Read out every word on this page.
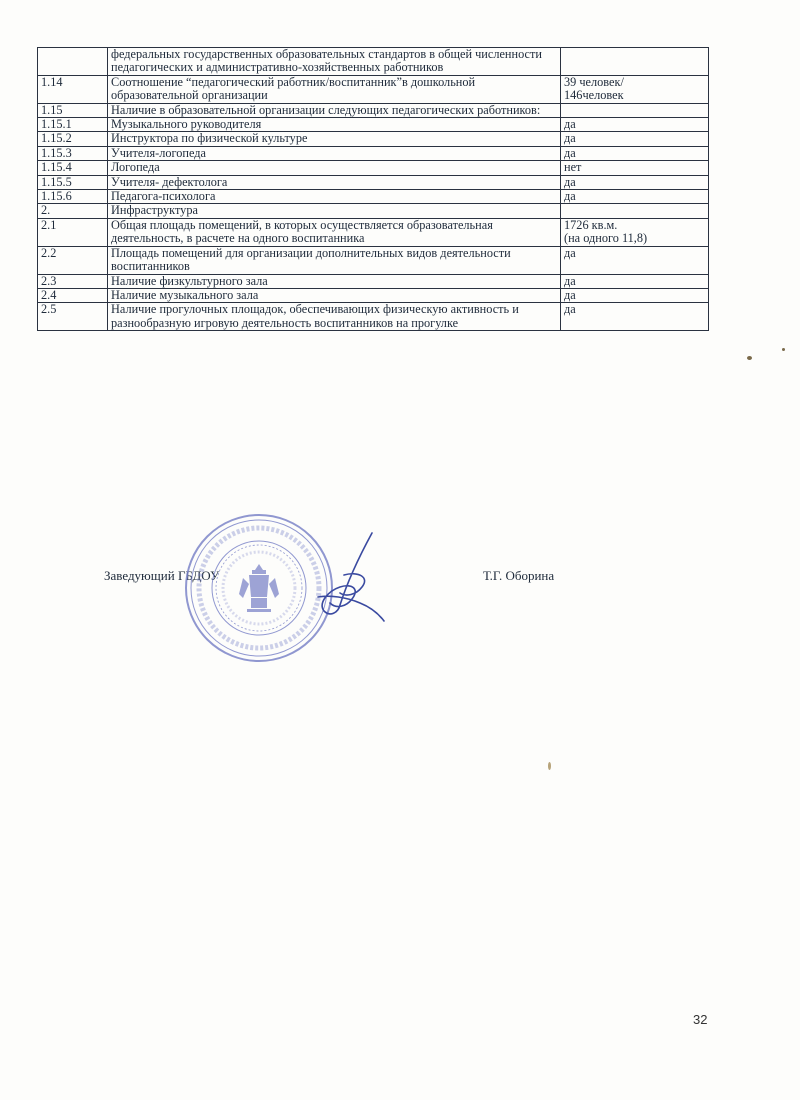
	федеральных государственных образовательных стандартов в общей численности педагогических и административно-хозяйственных работников	
1.14	Соотношение “педагогический работник/воспитанник”в дошкольной образовательной организации	39 человек/
146человек
1.15	Наличие в образовательной организации следующих педагогических работников:	
1.15.1	Музыкального руководителя	да
1.15.2	Инструктора по физической культуре	да
1.15.3	Учителя-логопеда	да
1.15.4	Логопеда	нет
1.15.5	Учителя- дефектолога	да
1.15.6	Педагога-психолога	да
2.	Инфраструктура	
2.1	Общая площадь помещений, в которых осуществляется образовательная деятельность, в расчете на одного воспитанника	1726 кв.м.
(на одного 11,8)
2.2	Площадь помещений для организации дополнительных видов деятельности воспитанников	да
2.3	Наличие физкультурного зала	да
2.4	Наличие музыкального зала	да
2.5	Наличие прогулочных площадок, обеспечивающих физическую активность и разнообразную игровую деятельность воспитанников на прогулке	да
Заведующий ГБДОУ	Т.Г. Оборина
32
